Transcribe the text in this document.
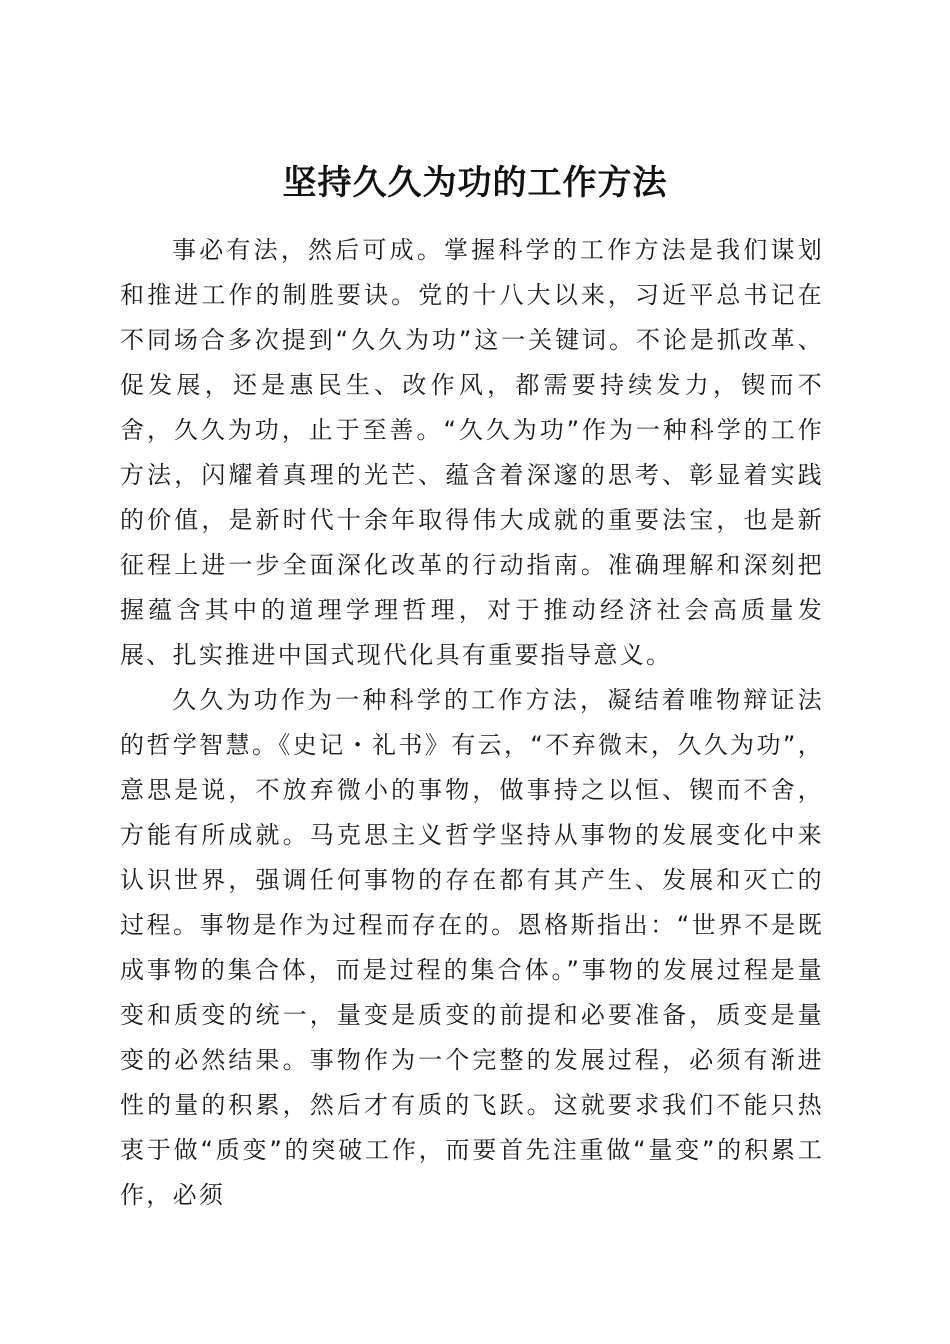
坚持久久为功的工作方法

事必有法，然后可成。掌握科学的工作方法是我们谋划和推进工作的制胜要诀。党的十八大以来，习近平总书记在不同场合多次提到“久久为功”这一关键词。不论是抓改革、促发展，还是惠民生、改作风，都需要持续发力，锲而不舍，久久为功，止于至善。“久久为功”作为一种科学的工作方法，闪耀着真理的光芒、蕴含着深邃的思考、彰显着实践的价值，是新时代十余年取得伟大成就的重要法宝，也是新征程上进一步全面深化改革的行动指南。准确理解和深刻把握蕴含其中的道理学理哲理，对于推动经济社会高质量发展、扎实推进中国式现代化具有重要指导意义。

久久为功作为一种科学的工作方法，凝结着唯物辩证法的哲学智慧。《史记・礼书》有云，“不弃微末，久久为功”，意思是说，不放弃微小的事物，做事持之以恒、锲而不舍，方能有所成就。马克思主义哲学坚持从事物的发展变化中来认识世界，强调任何事物的存在都有其产生、发展和灭亡的过程。事物是作为过程而存在的。恩格斯指出：“世界不是既成事物的集合体，而是过程的集合体。”事物的发展过程是量变和质变的统一，量变是质变的前提和必要准备，质变是量变的必然结果。事物作为一个完整的发展过程，必须有渐进性的量的积累，然后才有质的飞跃。这就要求我们不能只热衷于做“质变”的突破工作，而要首先注重做“量变”的积累工作，必须
